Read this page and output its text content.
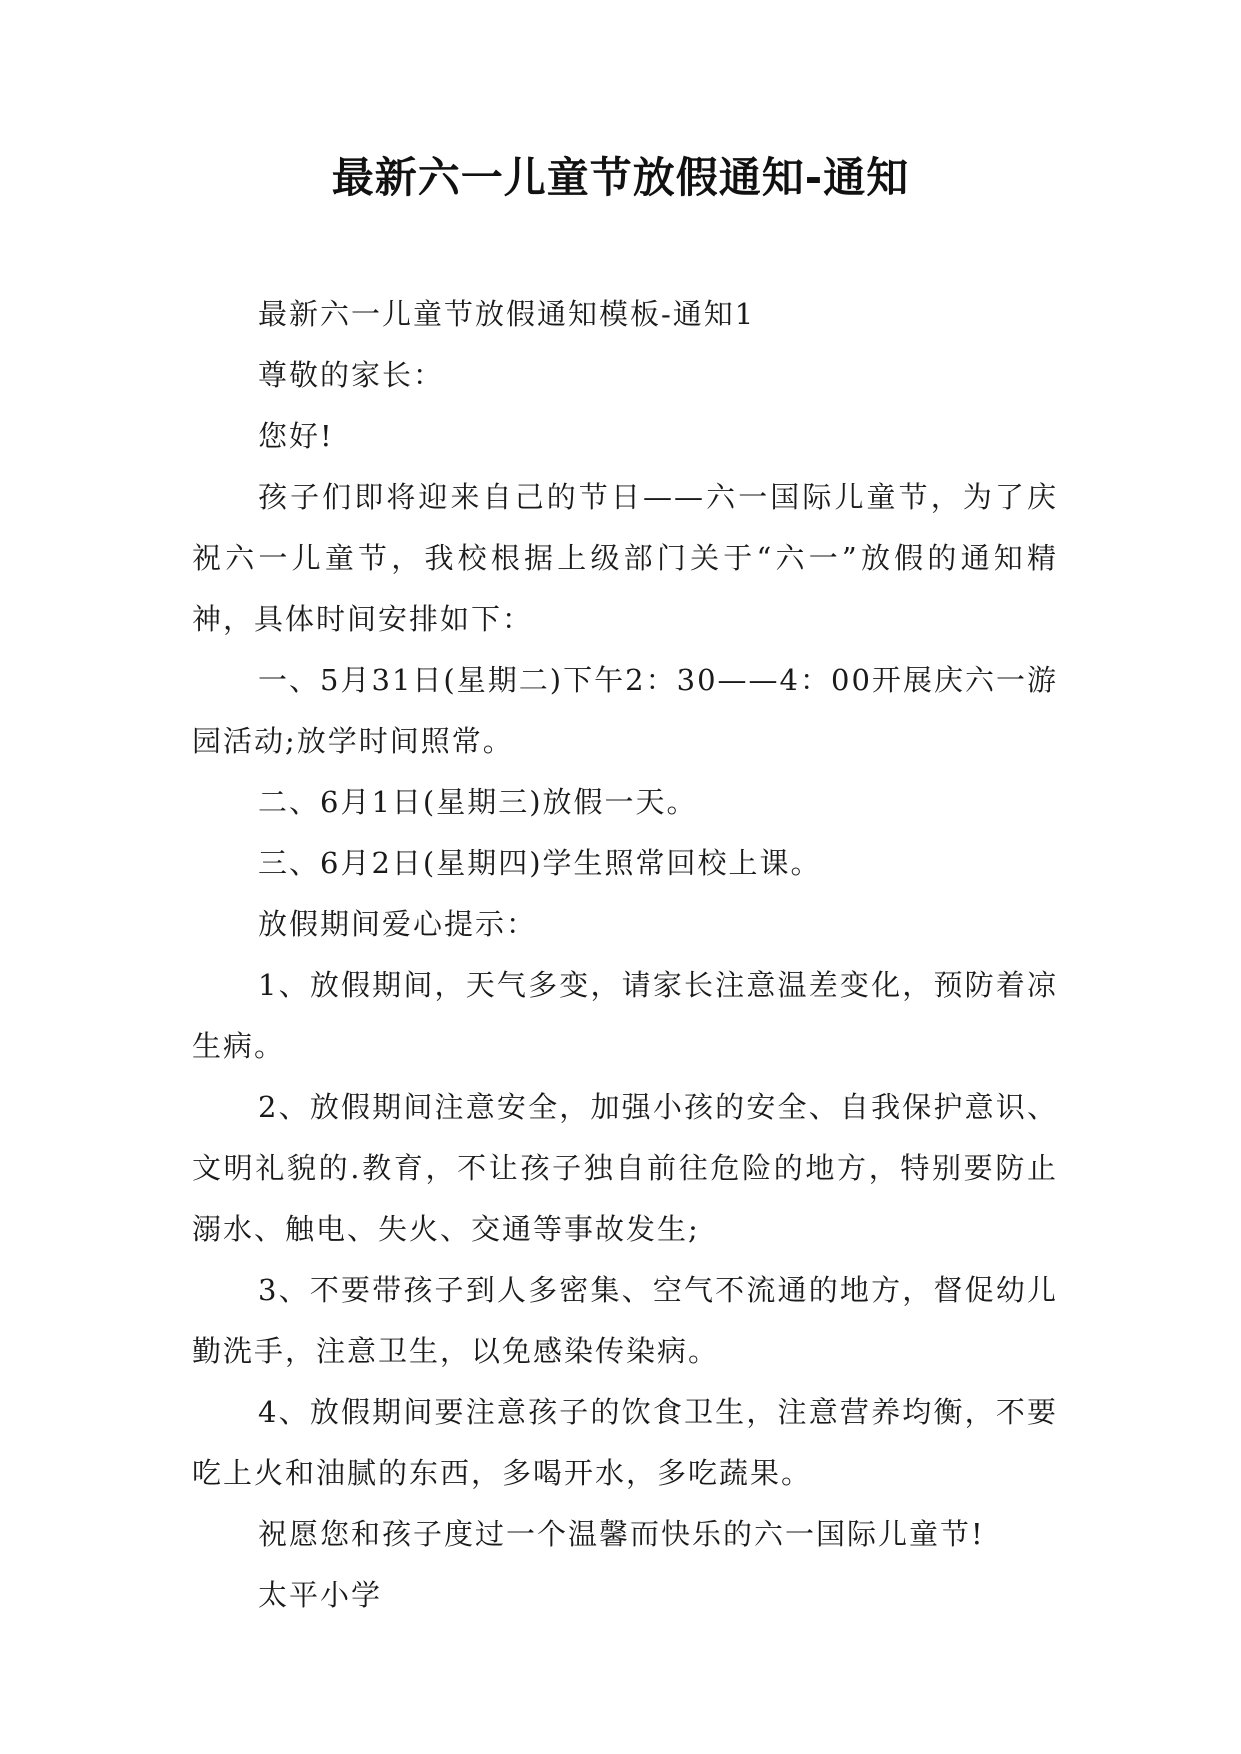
最新六一儿童节放假通知-通知

最新六一儿童节放假通知模板-通知1

尊敬的家长：

您好!

孩子们即将迎来自己的节日——六一国际儿童节，为了庆祝六一儿童节，我校根据上级部门关于“六一”放假的通知精神，具体时间安排如下：

一、5月31日(星期二)下午2：30——4：00开展庆六一游园活动;放学时间照常。

二、6月1日(星期三)放假一天。

三、6月2日(星期四)学生照常回校上课。

放假期间爱心提示：

1、放假期间，天气多变，请家长注意温差变化，预防着凉生病。

2、放假期间注意安全，加强小孩的安全、自我保护意识、文明礼貌的.教育，不让孩子独自前往危险的地方，特别要防止溺水、触电、失火、交通等事故发生;

3、不要带孩子到人多密集、空气不流通的地方，督促幼儿勤洗手，注意卫生，以免感染传染病。

4、放假期间要注意孩子的饮食卫生，注意营养均衡，不要吃上火和油腻的东西，多喝开水，多吃蔬果。

祝愿您和孩子度过一个温馨而快乐的六一国际儿童节!

太平小学
